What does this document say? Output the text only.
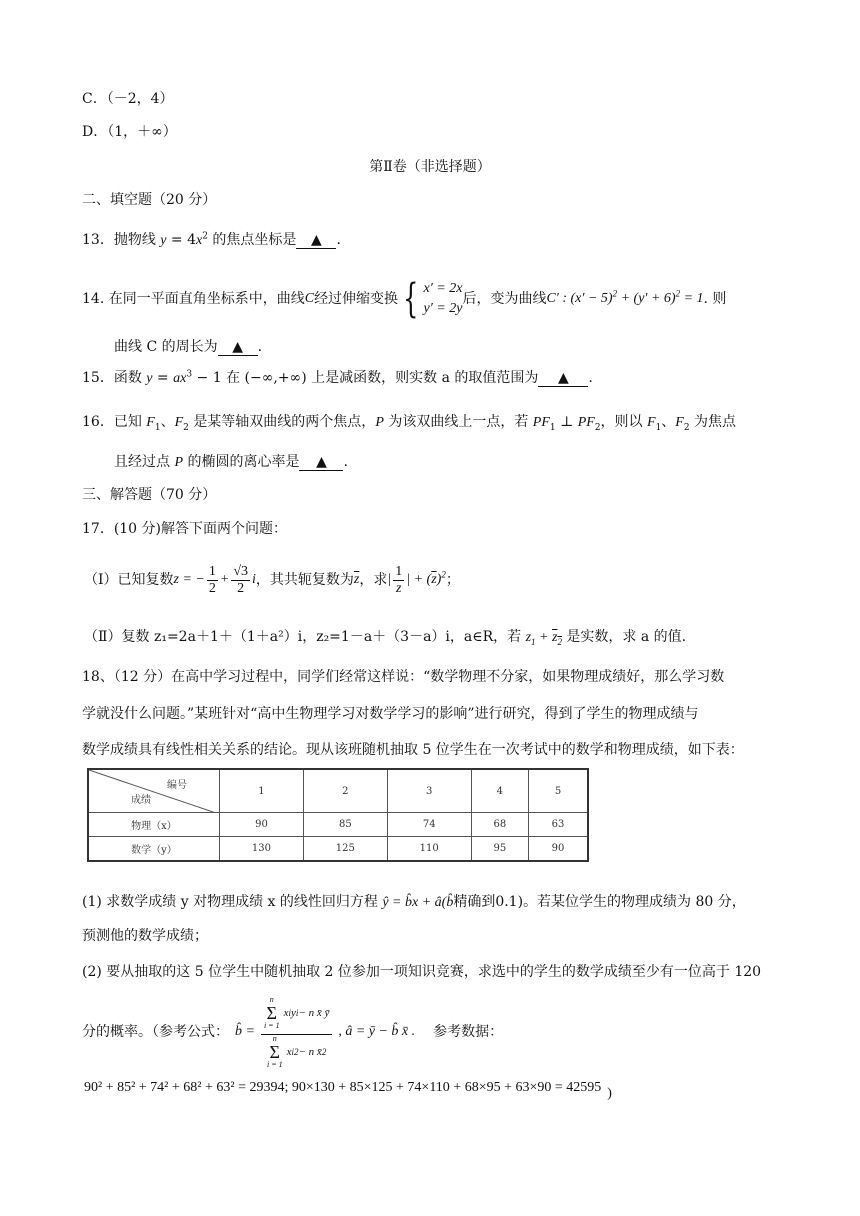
C．（－2，4）
D．（1，＋∞）
第Ⅱ卷（非选择题）
二、填空题（20 分）
13．抛物线 $y = 4x^2$ 的焦点坐标是 ▲ .
14. 在同一平面直角坐标系中，曲线 C 经过伸缩变换 { x′ = 2x
y′ = 2y
后，变为曲线 C′ : $(x' - 5)^2 + (y' + 6)^2 = 1$ . 则
曲线 C 的周长为 ▲ .
15．函数 $y = ax^3 - 1$ 在 (−∞,+∞) 上是减函数，则实数 a 的取值范围为 ▲ .
16．已知 $F_1$、$F_2$ 是某等轴双曲线的两个焦点，P 为该双曲线上一点，若 $PF_1$ ⊥ $PF_2$，则以 $F_1$、$F_2$ 为焦点
且经过点 P 的椭圆的离心率是 ▲ .
三、解答题（70 分）
17．(10 分)解答下面两个问题：
（Ⅰ）已知复数 z = − $\frac{1}{2} + \frac{√3}{2}$ i ，其共轭复数为 $\overline{z}$ ，求 | $\frac{1}{z}$ | + $(\overline{z})^2$ ；
（Ⅱ）复数 z₁=2a＋1＋（1＋a²）i，z₂=1－a＋（3－a）i，a∈R，若 $z_1 + z_2$ 是实数，求 a 的值.
18、（12 分）在高中学习过程中，同学们经常这样说：“数学物理不分家，如果物理成绩好，那么学习数
学就没什么问题。”某班针对“高中生物理学习对数学学习的影响”进行研究，得到了学生的物理成绩与
数学成绩具有线性相关关系的结论。现从该班随机抽取 5 位学生在一次考试中的数学和物理成绩，如下表：
编号
成绩	1	2	3	4	5
物理（x）	90	85	74	68	63
数学（y）	130	125	110	95	90
(1) 求数学成绩 y 对物理成绩 x 的线性回归方程 ŷ = b̂x + â(b̂精确到0.1)。若某位学生的物理成绩为 80 分，
预测他的数学成绩；
(2) 要从抽取的这 5 位学生中随机抽取 2 位参加一项知识竞赛，求选中的学生的数学成绩至少有一位高于 120
分的概率。（参考公式： b̂ = n
Σ
i = 1
x i y i − n x̄ ȳ
n
Σ
i = 1
x i 2 − n x̄ 2 , â = ȳ − b̂ x̄ . 参考数据：
90² + 85² + 74² + 68² + 63² = 29394; 90×130 + 85×125 + 74×110 + 68×95 + 63×90 = 42595 )
